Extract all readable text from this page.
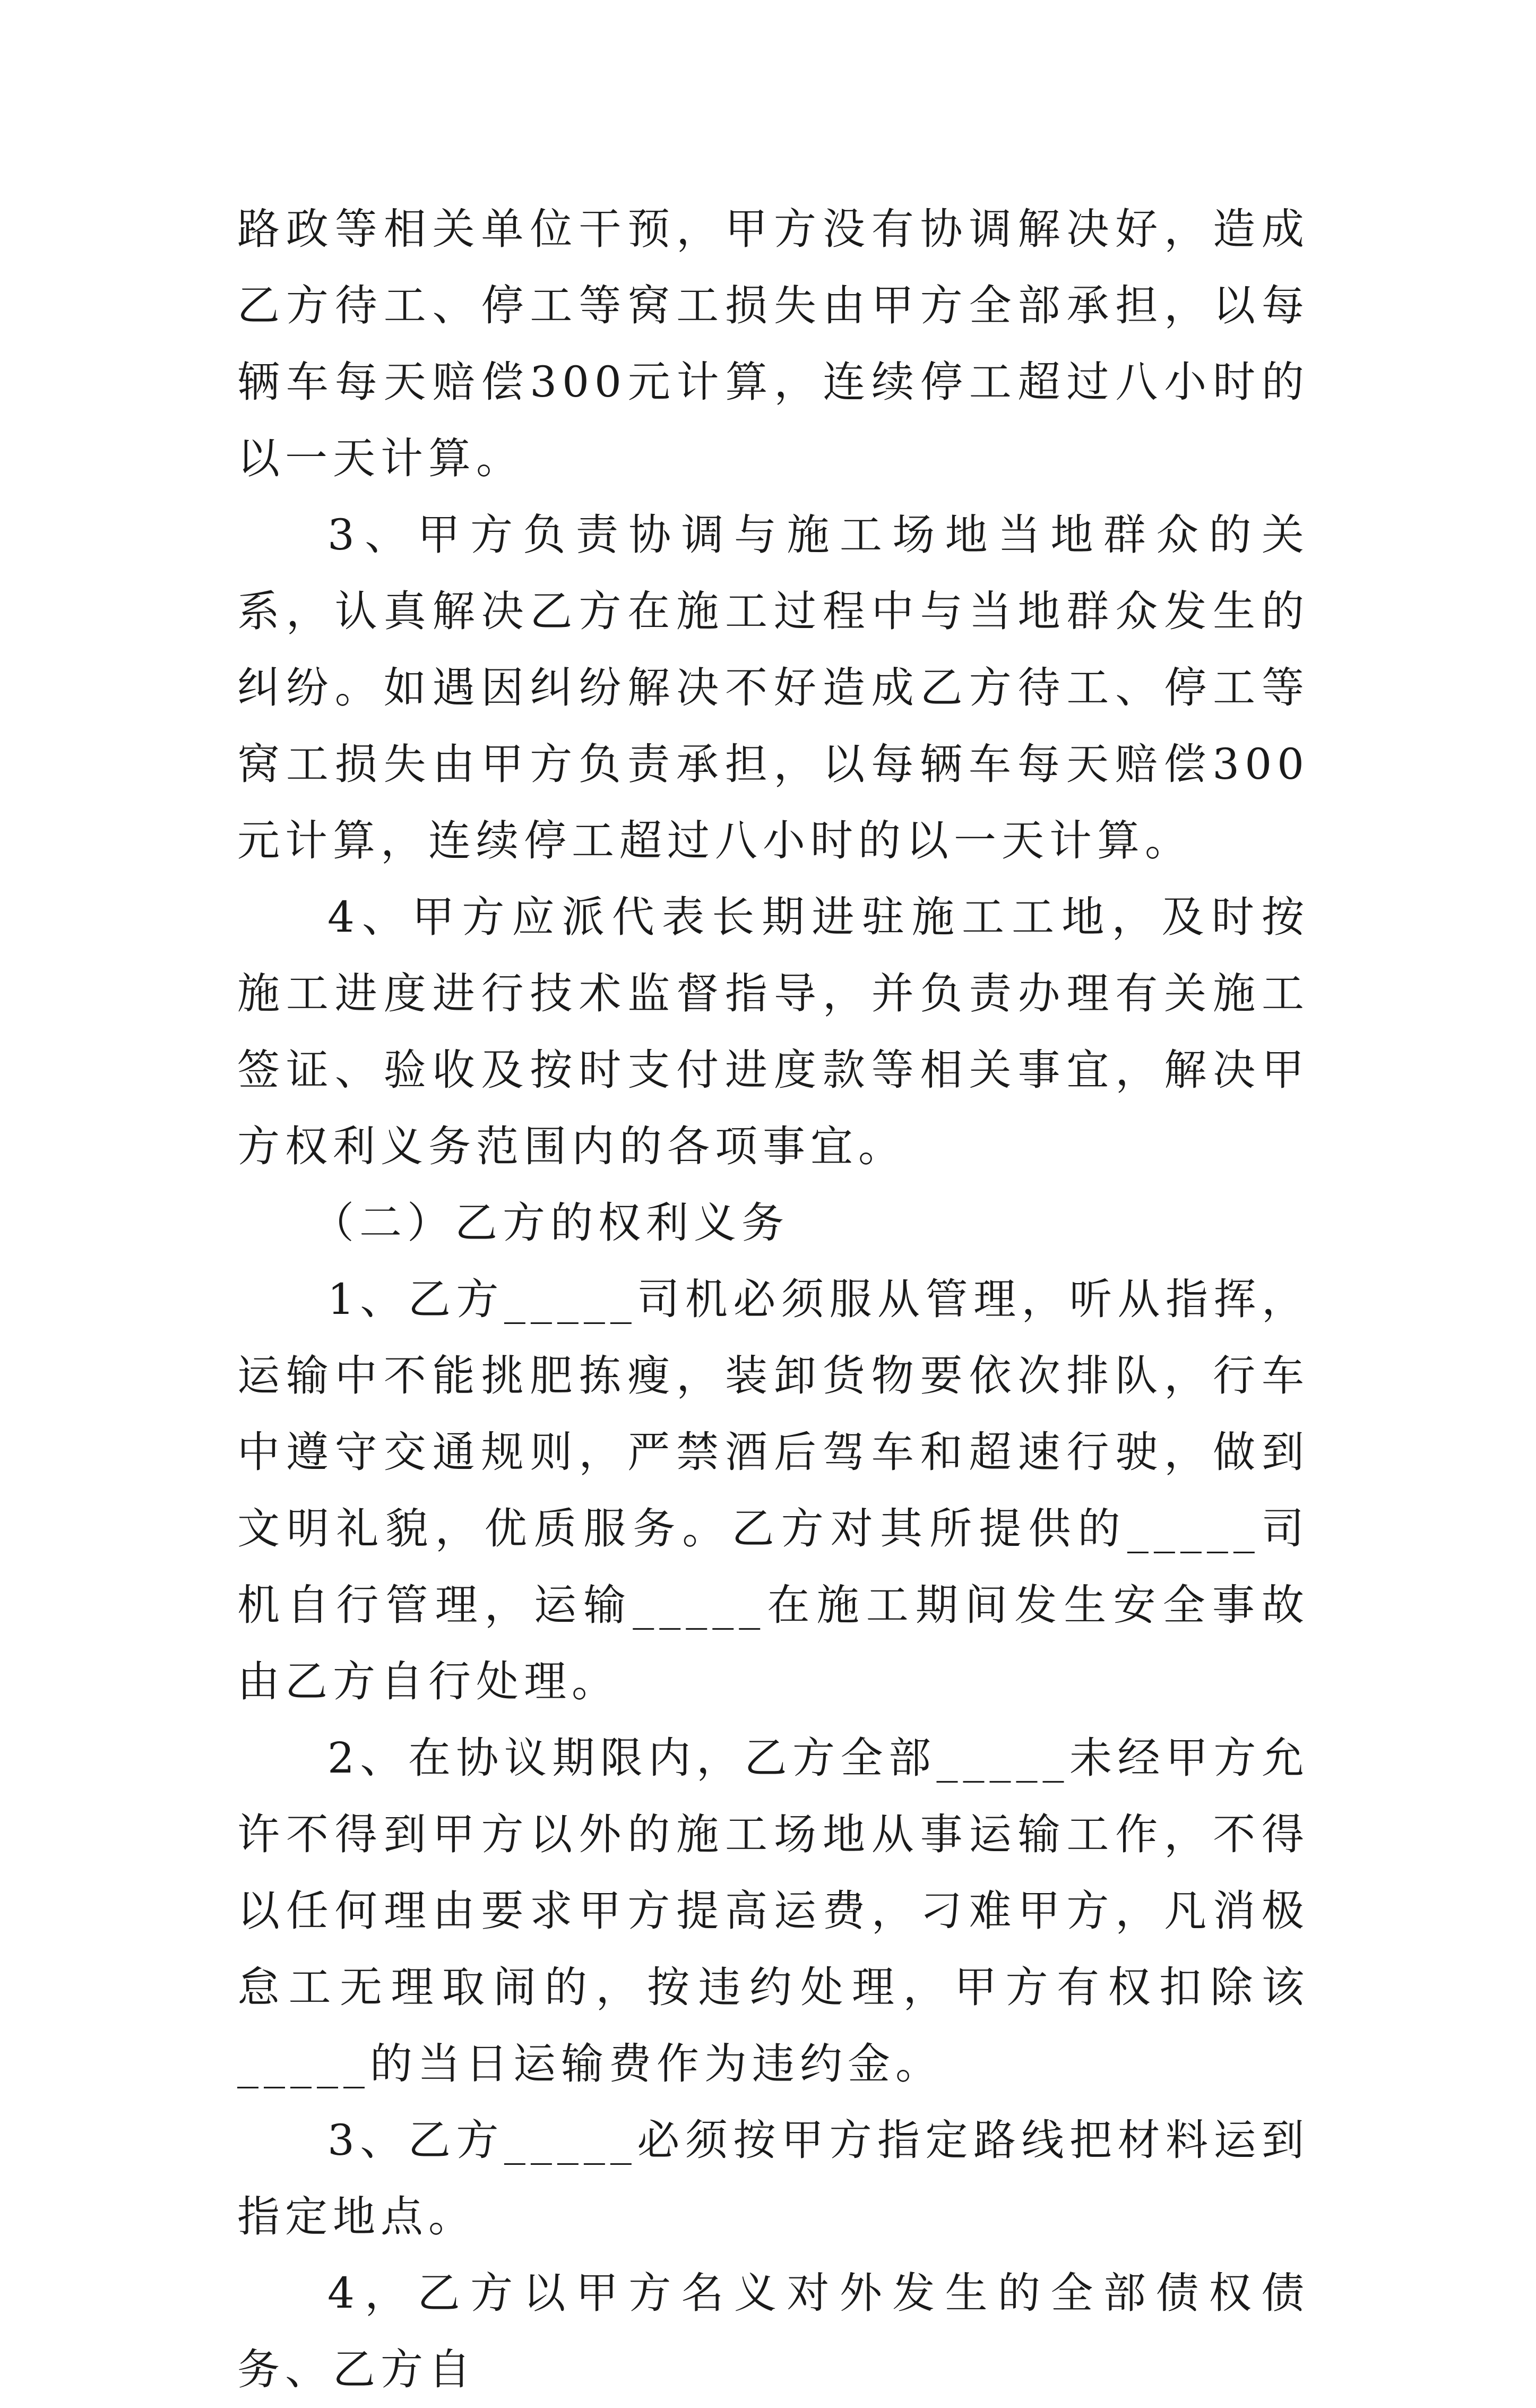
路政等相关单位干预，甲方没有协调解决好，造成乙方待工、停工等窝工损失由甲方全部承担，以每辆车每天赔偿300元计算，连续停工超过八小时的以一天计算。

3、甲方负责协调与施工场地当地群众的关系，认真解决乙方在施工过程中与当地群众发生的纠纷。如遇因纠纷解决不好造成乙方待工、停工等窝工损失由甲方负责承担，以每辆车每天赔偿300元计算，连续停工超过八小时的以一天计算。

4、甲方应派代表长期进驻施工工地，及时按施工进度进行技术监督指导，并负责办理有关施工签证、验收及按时支付进度款等相关事宜，解决甲方权利义务范围内的各项事宜。

（二）乙方的权利义务

1、乙方_____司机必须服从管理，听从指挥，运输中不能挑肥拣瘦，装卸货物要依次排队，行车中遵守交通规则，严禁酒后驾车和超速行驶，做到文明礼貌，优质服务。乙方对其所提供的_____司机自行管理，运输_____在施工期间发生安全事故由乙方自行处理。

2、在协议期限内，乙方全部_____未经甲方允许不得到甲方以外的施工场地从事运输工作，不得以任何理由要求甲方提高运费，刁难甲方，凡消极怠工无理取闹的，按违约处理，甲方有权扣除该_____的当日运输费作为违约金。

3、乙方_____必须按甲方指定路线把材料运到指定地点。

4，乙方以甲方名义对外发生的全部债权债务、乙方自
